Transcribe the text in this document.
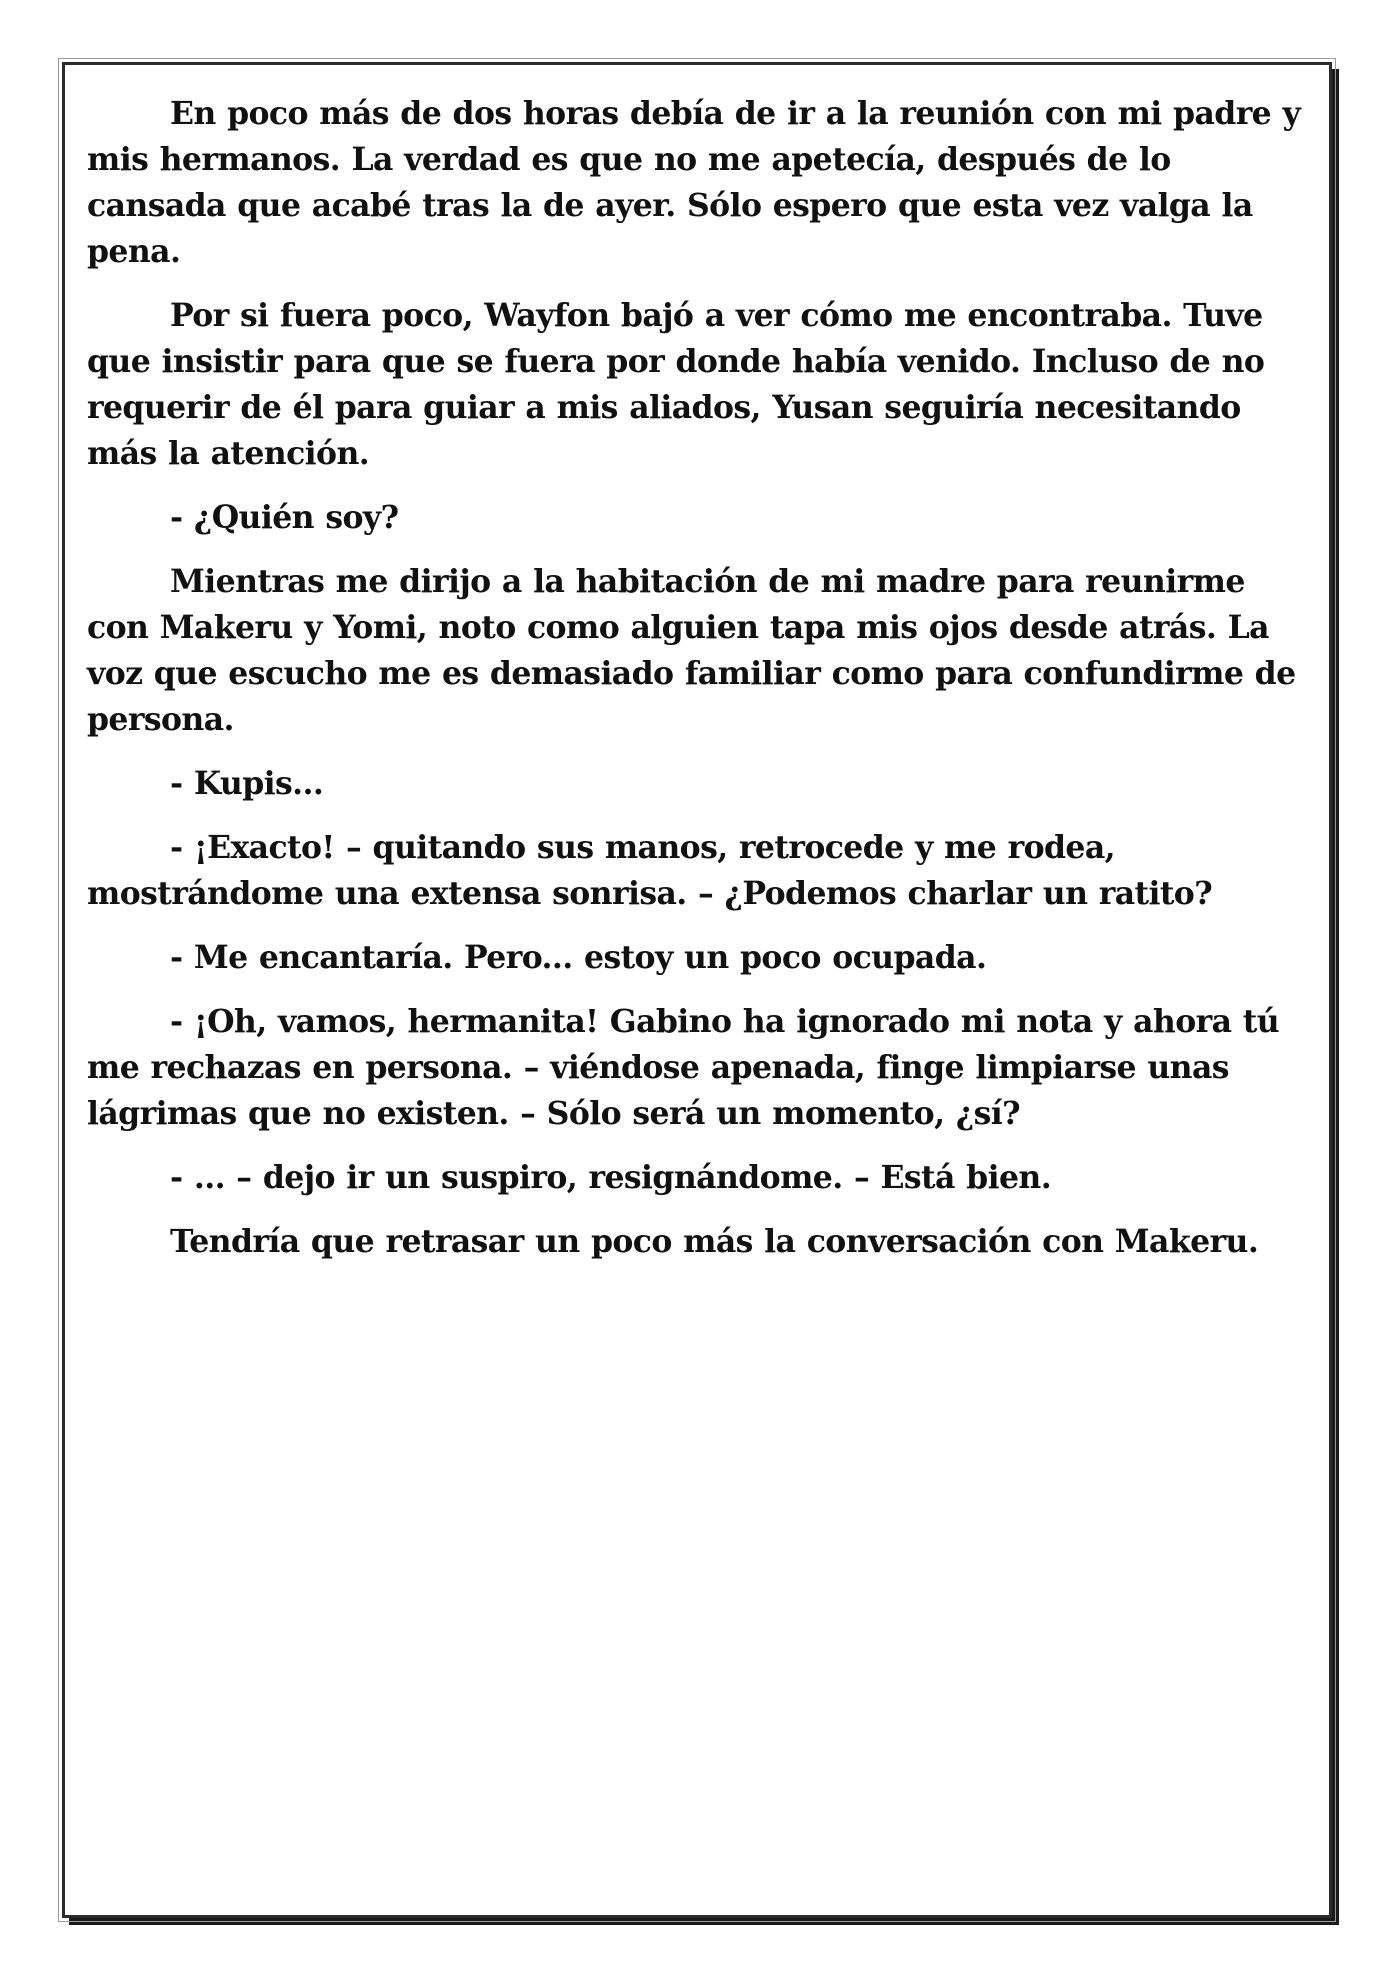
En poco más de dos horas debía de ir a la reunión con mi padre y mis hermanos. La verdad es que no me apetecía, después de lo cansada que acabé tras la de ayer. Sólo espero que esta vez valga la pena.

Por si fuera poco, Wayfon bajó a ver cómo me encontraba. Tuve que insistir para que se fuera por donde había venido. Incluso de no requerir de él para guiar a mis aliados, Yusan seguiría necesitando más la atención.

- ¿Quién soy?

Mientras me dirijo a la habitación de mi madre para reunirme con Makeru y Yomi, noto como alguien tapa mis ojos desde atrás. La voz que escucho me es demasiado familiar como para confundirme de persona.

- Kupis...

- ¡Exacto! – quitando sus manos, retrocede y me rodea, mostrándome una extensa sonrisa. – ¿Podemos charlar un ratito?

- Me encantaría. Pero... estoy un poco ocupada.

- ¡Oh, vamos, hermanita! Gabino ha ignorado mi nota y ahora tú me rechazas en persona. – viéndose apenada, finge limpiarse unas lágrimas que no existen. – Sólo será un momento, ¿sí?

- ... – dejo ir un suspiro, resignándome. – Está bien.

Tendría que retrasar un poco más la conversación con Makeru.
